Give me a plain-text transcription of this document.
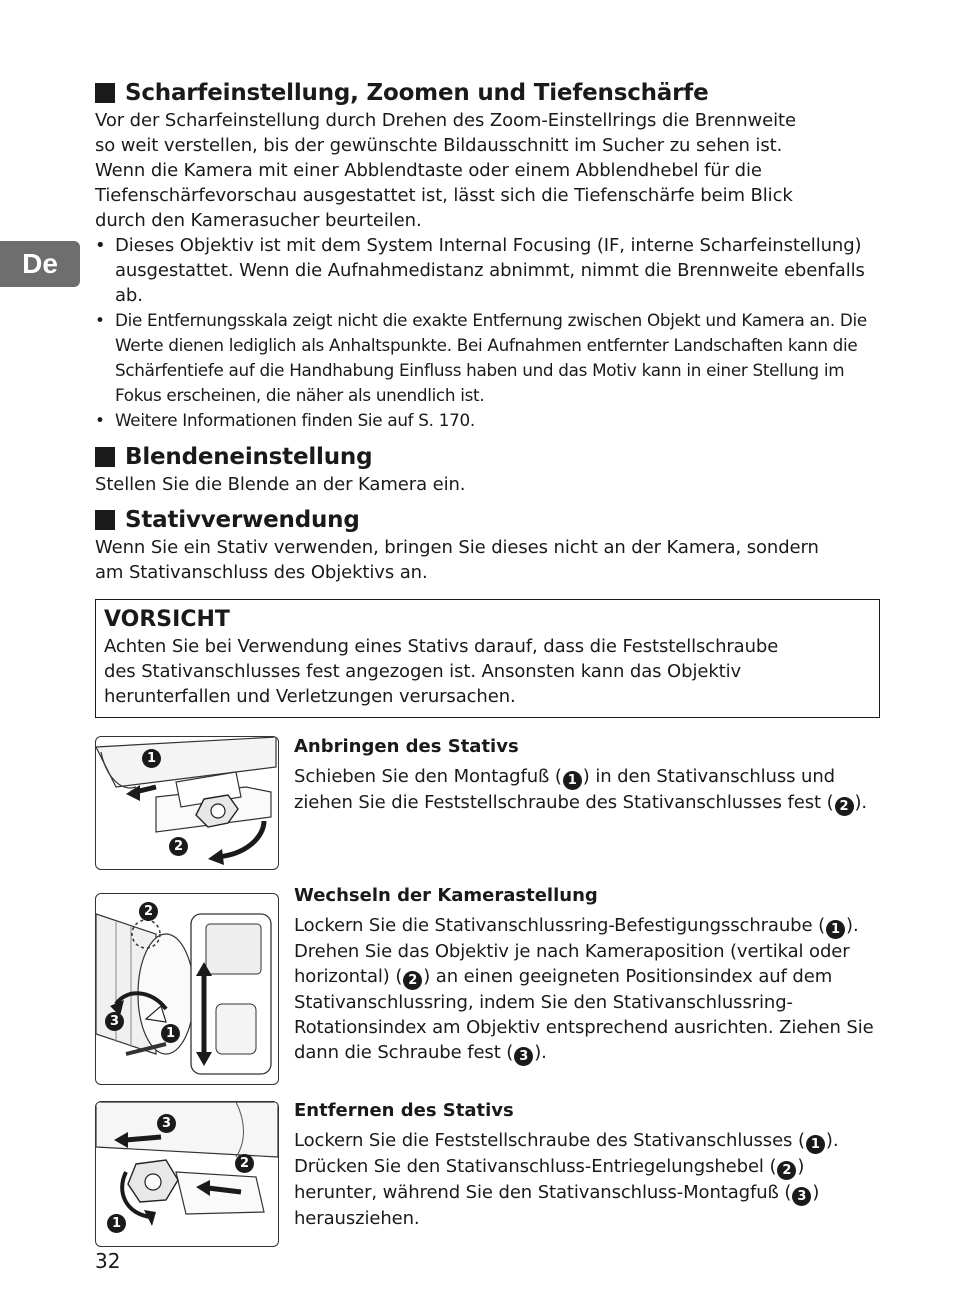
De
Scharfeinstellung, Zoomen und Tiefenschärfe

Vor der Scharfeinstellung durch Drehen des Zoom-Einstellrings die Brennweite

so weit verstellen, bis der gewünschte Bildausschnitt im Sucher zu sehen ist.

Wenn die Kamera mit einer Abblendtaste oder einem Abblendhebel für die

Tiefenschärfevorschau ausgestattet ist, lässt sich die Tiefenschärfe beim Blick

durch den Kamerasucher beurteilen.

• Dieses Objektiv ist mit dem System Internal Focusing (IF, interne Scharfeinstellung) ausgestattet. Wenn die Aufnahmedistanz abnimmt, nimmt die Brennweite ebenfalls ab.
• Die Entfernungsskala zeigt nicht die exakte Entfernung zwischen Objekt und Kamera an. Die Werte dienen lediglich als Anhaltspunkte. Bei Aufnahmen entfernter Landschaften kann die Schärfentiefe auf die Handhabung Einfluss haben und das Motiv kann in einer Stellung im Fokus erscheinen, die näher als unendlich ist.
• Weitere Informationen finden Sie auf S. 170.
Blendeneinstellung

Stellen Sie die Blende an der Kamera ein.

Stativverwendung

Wenn Sie ein Stativ verwenden, bringen Sie dieses nicht an der Kamera, sondern

am Stativanschluss des Objektivs an.

VORSICHT

Achten Sie bei Verwendung eines Stativs darauf, dass die Feststellschraube

des Stativanschlusses fest angezogen ist. Ansonsten kann das Objektiv

herunterfallen und Verletzungen verursachen.

1
2
Anbringen des Stativs

Schieben Sie den Montagfuß ( 1 ) in den Stativanschluss und ziehen Sie die Feststellschraube des Stativanschlusses fest ( 2 ).

2
3
1
Wechseln der Kamerastellung

Lockern Sie die Stativanschlussring-Befestigungsschraube ( 1 ). Drehen Sie das Objektiv je nach Kameraposition (vertikal oder horizontal) ( 2 ) an einen geeigneten Positionsindex auf dem Stativanschlussring, indem Sie den Stativanschlussring-Rotationsindex am Objektiv entsprechend ausrichten. Ziehen Sie dann die Schraube fest ( 3 ).

3
2
1
Entfernen des Stativs

Lockern Sie die Feststellschraube des Stativanschlusses ( 1 ). Drücken Sie den Stativanschluss-Entriegelungshebel ( 2 ) herunter, während Sie den Stativanschluss-Montagfuß ( 3 ) herausziehen.

32
